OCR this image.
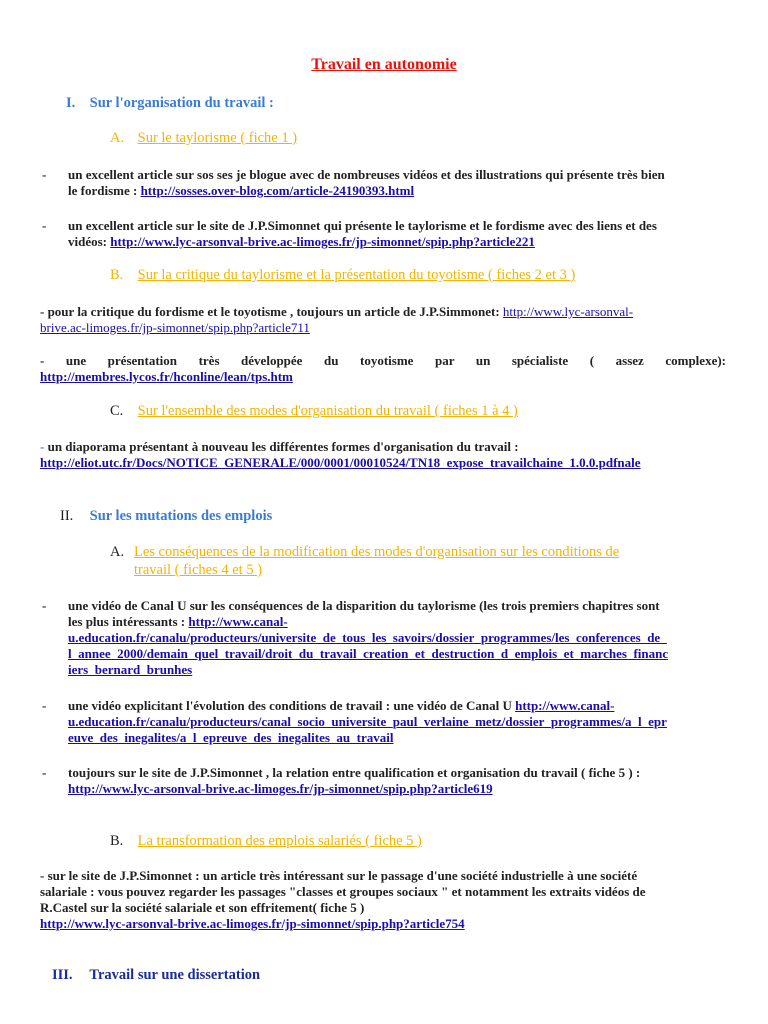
Travail en autonomie
I. Sur l'organisation du travail :
A. Sur le taylorisme ( fiche 1 )
- un excellent article sur sos ses je blogue avec de nombreuses vidéos et des illustrations qui présente très bien
le fordisme : http://sosses.over-blog.com/article-24190393.html
- un excellent article sur le site de J.P.Simonnet qui présente le taylorisme et le fordisme avec des liens et des
vidéos: http://www.lyc-arsonval-brive.ac-limoges.fr/jp-simonnet/spip.php?article221
B. Sur la critique du taylorisme et la présentation du toyotisme ( fiches 2 et 3 )
- pour la critique du fordisme et le toyotisme , toujours un article de J.P.Simmonet: http://www.lyc-arsonval-
brive.ac-limoges.fr/jp-simonnet/spip.php?article711
- une présentation très développée du toyotisme par un spécialiste ( assez complexe):
http://membres.lycos.fr/hconline/lean/tps.htm
C. Sur l'ensemble des modes d'organisation du travail ( fiches 1 à 4 )
- un diaporama présentant à nouveau les différentes formes d'organisation du travail :
http://eliot.utc.fr/Docs/NOTICE_GENERALE/000/0001/00010524/TN18_expose_travailchaine_1.0.0.pdfnale
II. Sur les mutations des emplois
A. Les conséquences de la modification des modes d'organisation sur les conditions de
travail ( fiches 4 et 5 )
- une vidéo de Canal U sur les conséquences de la disparition du taylorisme (les trois premiers chapitres sont
les plus intéressants : http://www.canal-
u.education.fr/canalu/producteurs/universite_de_tous_les_savoirs/dossier_programmes/les_conferences_de_
l_annee_2000/demain_quel_travail/droit_du_travail_creation_et_destruction_d_emplois_et_marches_financ
iers_bernard_brunhes
- une vidéo explicitant l'évolution des conditions de travail : une vidéo de Canal U http://www.canal-
u.education.fr/canalu/producteurs/canal_socio_universite_paul_verlaine_metz/dossier_programmes/a_l_epr
euve_des_inegalites/a_l_epreuve_des_inegalites_au_travail
- toujours sur le site de J.P.Simonnet , la relation entre qualification et organisation du travail ( fiche 5 ) :
http://www.lyc-arsonval-brive.ac-limoges.fr/jp-simonnet/spip.php?article619
B. La transformation des emplois salariés ( fiche 5 )
- sur le site de J.P.Simonnet : un article très intéressant sur le passage d'une société industrielle à une société
salariale : vous pouvez regarder les passages "classes et groupes sociaux " et notamment les extraits vidéos de
R.Castel sur la société salariale et son effritement( fiche 5 )
http://www.lyc-arsonval-brive.ac-limoges.fr/jp-simonnet/spip.php?article754
III. Travail sur une dissertation
